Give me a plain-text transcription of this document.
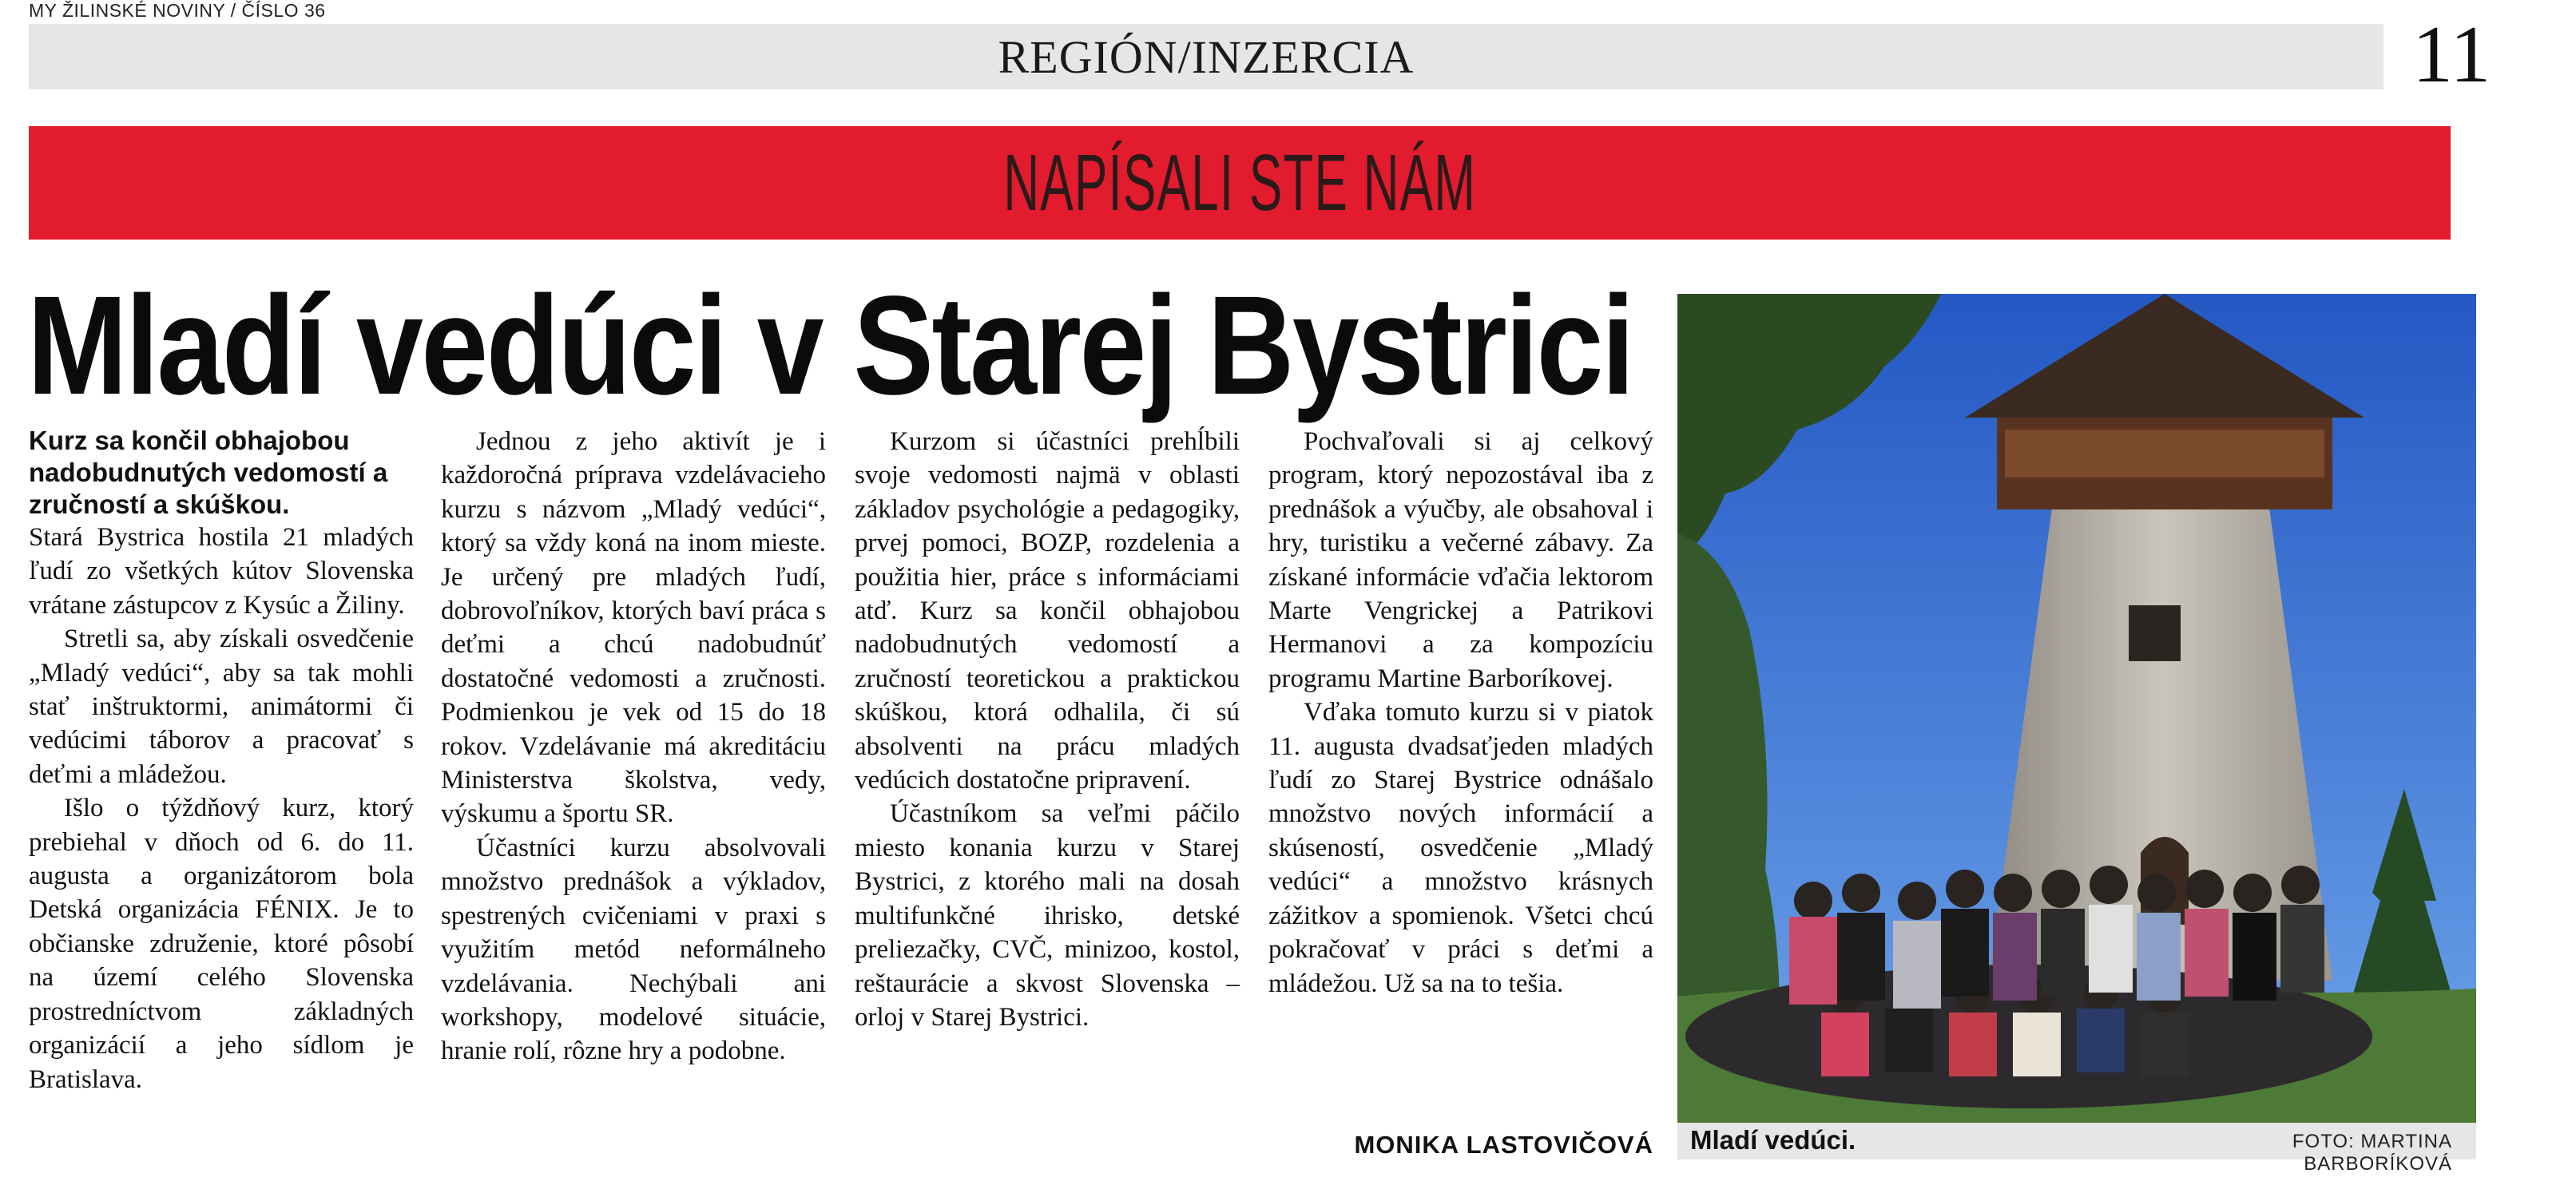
MY ŽILINSKÉ NOVINY / ČÍSLO 36
REGIÓN/INZERCIA	11
NAPÍSALI STE NÁM
Mladí vedúci v Starej Bystrici

Kurz sa končil obhajobou nadobudnutých vedomostí a zručností a skúškou.

Stará Bystrica hostila 21 mladých ľudí zo všetkých kútov Slovenska vrátane zástupcov z Kysúc a Žiliny.

Stretli sa, aby získali osvedčenie „Mladý vedúci“, aby sa tak mohli stať inštruktormi, animátormi či vedúcimi táborov a pracovať s deťmi a mládežou.

Išlo o týždňový kurz, ktorý prebiehal v dňoch od 6. do 11. augusta a organizátorom bola Detská organizácia FÉNIX. Je to občianske združenie, ktoré pôsobí na území celého Slovenska prostredníctvom základných organizácií a jeho sídlom je Bratislava.

Jednou z jeho aktivít je i každoročná príprava vzdelávacieho kurzu s názvom „Mladý vedúci“, ktorý sa vždy koná na inom mieste. Je určený pre mladých ľudí, dobrovoľníkov, ktorých baví práca s deťmi a chcú nadobudnúť dostatočné vedomosti a zručnosti. Podmienkou je vek od 15 do 18 rokov. Vzdelávanie má akreditáciu Ministerstva školstva, vedy, výskumu a športu SR.

Účastníci kurzu absolvovali množstvo prednášok a výkladov, spestrených cvičeniami v praxi s využitím metód neformálneho vzdelávania. Nechýbali ani workshopy, modelové situácie, hranie rolí, rôzne hry a podobne.

Kurzom si účastníci prehĺbili svoje vedomosti najmä v oblasti základov psychológie a pedagogiky, prvej pomoci, BOZP, rozdelenia a použitia hier, práce s informáciami atď. Kurz sa končil obhajobou nadobudnutých vedomostí a zručností teoretickou a praktickou skúškou, ktorá odhalila, či sú absolventi na prácu mladých vedúcich dostatočne pripravení.

Účastníkom sa veľmi páčilo miesto konania kurzu v Starej Bystrici, z ktorého mali na dosah multifunkčné ihrisko, detské preliezačky, CVČ, minizoo, kostol, reštaurácie a skvost Slovenska – orloj v Starej Bystrici.

Pochvaľovali si aj celkový program, ktorý nepozostával iba z prednášok a výučby, ale obsahoval i hry, turistiku a večerné zábavy. Za získané informácie vďačia lektorom Marte Vengrickej a Patrikovi Hermanovi a za kompozíciu programu Martine Barboríkovej.

Vďaka tomuto kurzu si v piatok 11. augusta dvadsaťjeden mladých ľudí zo Starej Bystrice odnášalo množstvo nových informácií a skúseností, osvedčenie „Mladý vedúci“ a množstvo krásnych zážitkov a spomienok. Všetci chcú pokračovať v práci s deťmi a mládežou. Už sa na to tešia.

MONIKA LASTOVIČOVÁ Mladí vedúci.	FOTO: MARTINA BARBORÍKOVÁ
